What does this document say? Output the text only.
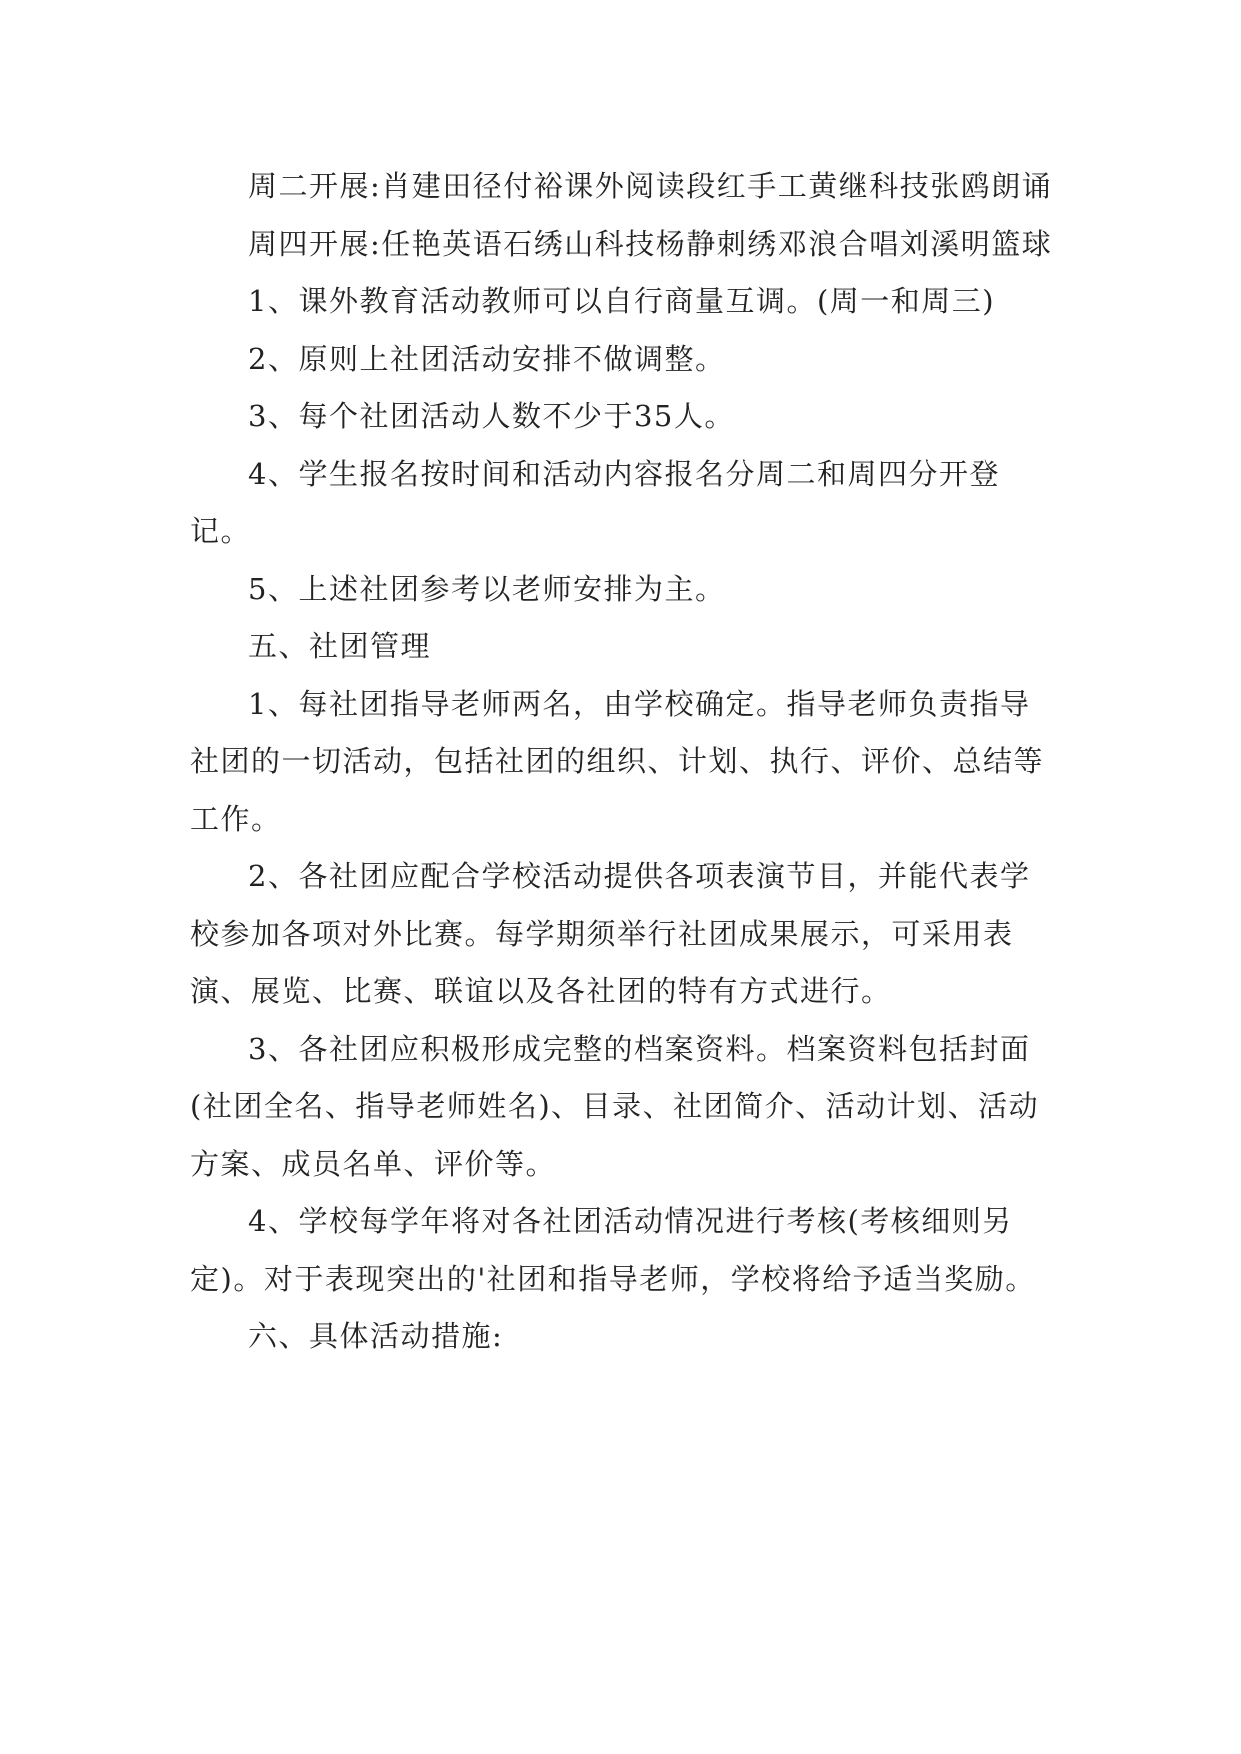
周二开展:肖建田径付裕课外阅读段红手工黄继科技张鸥朗诵

周四开展:任艳英语石绣山科技杨静刺绣邓浪合唱刘溪明篮球

1、课外教育活动教师可以自行商量互调。(周一和周三)

2、原则上社团活动安排不做调整。

3、每个社团活动人数不少于35人。

4、学生报名按时间和活动内容报名分周二和周四分开登记。

5、上述社团参考以老师安排为主。

五、社团管理

1、每社团指导老师两名，由学校确定。指导老师负责指导社团的一切活动，包括社团的组织、计划、执行、评价、总结等工作。

2、各社团应配合学校活动提供各项表演节目，并能代表学校参加各项对外比赛。每学期须举行社团成果展示，可采用表演、展览、比赛、联谊以及各社团的特有方式进行。

3、各社团应积极形成完整的档案资料。档案资料包括封面(社团全名、指导老师姓名)、目录、社团简介、活动计划、活动方案、成员名单、评价等。

4、学校每学年将对各社团活动情况进行考核(考核细则另定)。对于表现突出的'社团和指导老师，学校将给予适当奖励。

六、具体活动措施:
